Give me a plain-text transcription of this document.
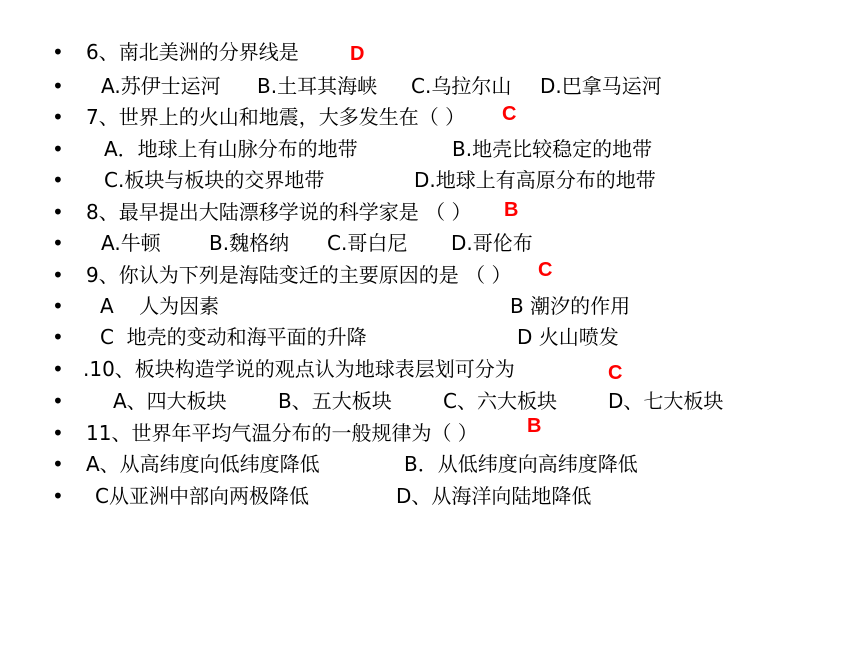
• 6、南北美洲的分界线是
• A.苏伊士运河 B.土耳其海峡 C.乌拉尔山 D.巴拿马运河
• 7、世界上的火山和地震，大多发生在（ ）
• A．地球上有山脉分布的地带	B.地壳比较稳定的地带
• C.板块与板块的交界地带	D.地球上有高原分布的地带
• 8、最早提出大陆漂移学说的科学家是 （ ）
• A.牛顿 B.魏格纳 C.哥白尼 D.哥伦布
• 9、你认为下列是海陆变迁的主要原因的是 （ ）
• A    人为因素	B 潮汐的作用
• C  地壳的变动和海平面的升降	D 火山喷发
• .10、板块构造学说的观点认为地球表层划可分为
• A、四大板块	B、五大板块	C、六大板块	D、七大板块
• 11、世界年平均气温分布的一般规律为（ ）
• A、从高纬度向低纬度降低	B．从低纬度向高纬度降低
• C从亚洲中部向两极降低	D、从海洋向陆地降低
D
C
B
C
C
B
